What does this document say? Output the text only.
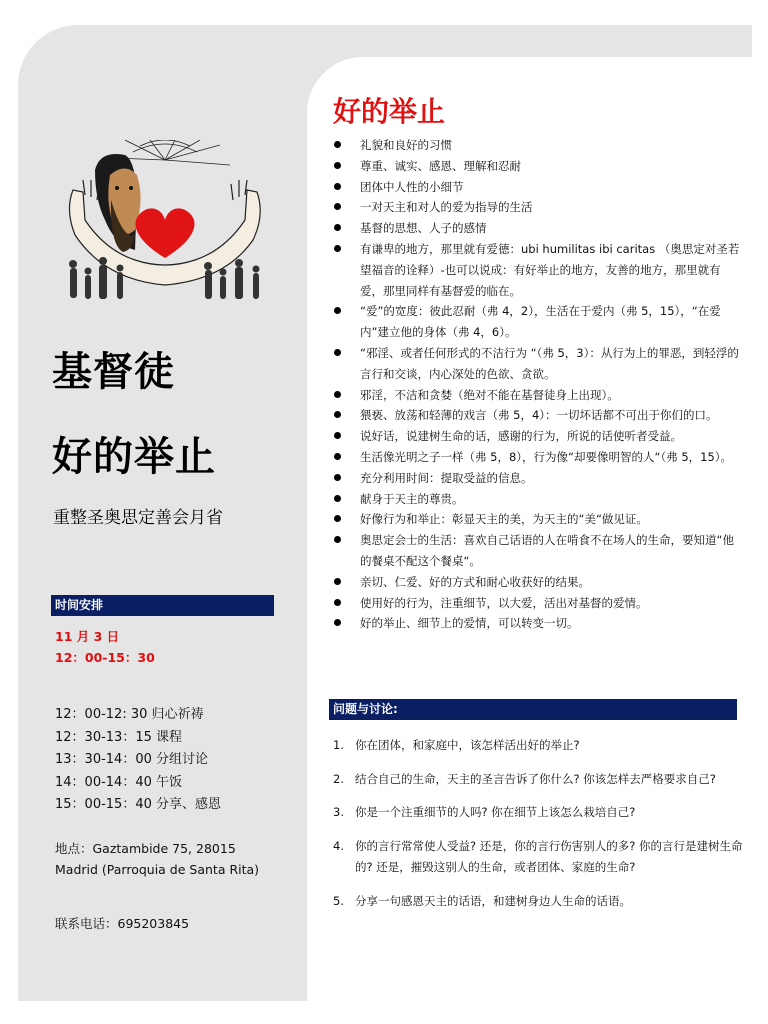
基督徒
好的举止
重整圣奥思定善会月省
时间安排
11 月 3 日
12：00-15：30
12：00-12: 30 归心祈祷
12：30-13：15 课程
13：30-14：00 分组讨论
14：00-14：40 午饭
15：00-15：40 分享、感恩
地点：Gaztambide 75, 28015
Madrid (Parroquia de Santa Rita)
联系电话：695203845
好的举止
礼貌和良好的习惯
尊重、诚实、感恩、理解和忍耐
团体中人性的小细节
一对天主和对人的爱为指导的生活
基督的思想、人子的感情
有谦卑的地方，那里就有爱德：ubi humilitas ibi caritas （奥思定对圣若望福音的诠释）-也可以说成：有好举止的地方，友善的地方，那里就有爱，那里同样有基督爱的临在。
“爱”的宽度：彼此忍耐（弗 4，2），生活在于爱内（弗 5，15），“在爱内”建立他的身体（弗 4，6）。
“邪淫、或者任何形式的不洁行为 “（弗 5，3）：从行为上的罪恶，到轻浮的言行和交谈，内心深处的色欲、贪欲。
邪淫，不洁和贪婪（绝对不能在基督徒身上出现）。
猥亵、放荡和轻薄的戏言（弗 5，4）：一切坏话都不可出于你们的口。
说好话，说建树生命的话，感谢的行为，所说的话使听者受益。
生活像光明之子一样（弗 5，8），行为像“却要像明智的人“（弗 5，15）。
充分利用时间：提取受益的信息。
献身于天主的尊贵。
好像行为和举止：彰显天主的美，为天主的“美“做见证。
奥思定会士的生活：喜欢自己话语的人在啃食不在场人的生命，要知道“他的餐桌不配这个餐桌“。
亲切、仁爱、好的方式和耐心收获好的结果。
使用好的行为，注重细节，以大爱，活出对基督的爱情。
好的举止、细节上的爱情，可以转变一切。
问题与讨论:
1. 你在团体，和家庭中，该怎样活出好的举止?
2. 结合自己的生命，天主的圣言告诉了你什么? 你该怎样去严格要求自己?
3. 你是一个注重细节的人吗? 你在细节上该怎么栽培自己?
4. 你的言行常常使人受益? 还是，你的言行伤害别人的多? 你的言行是建树生命的? 还是，摧毁这别人的生命，或者团体、家庭的生命?
5. 分享一句感恩天主的话语，和建树身边人生命的话语。
